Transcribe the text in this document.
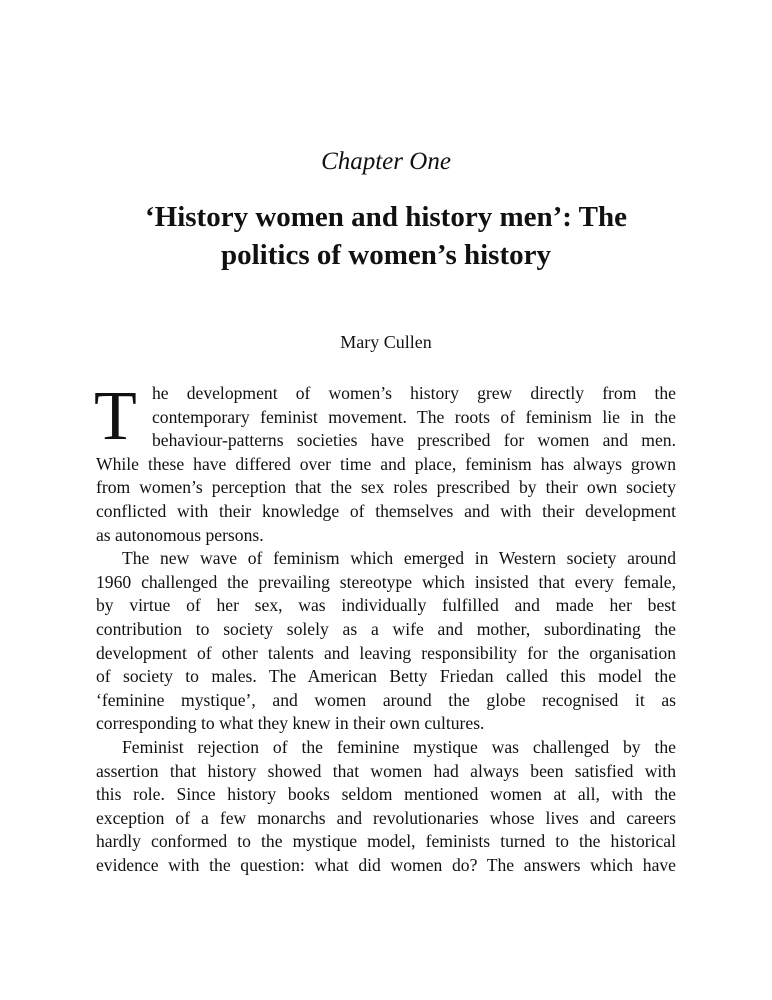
Chapter One
‘History women and history men’: The
politics of women’s history
Mary Cullen
T he development of women’s history grew directly from the
contemporary feminist movement. The roots of feminism lie in the
behaviour-patterns societies have prescribed for women and men.
While these have differed over time and place, feminism has always grown
from women’s perception that the sex roles prescribed by their own society
conflicted with their knowledge of themselves and with their development
as autonomous persons.
The new wave of feminism which emerged in Western society around
1960 challenged the prevailing stereotype which insisted that every female,
by virtue of her sex, was individually fulfilled and made her best
contribution to society solely as a wife and mother, subordinating the
development of other talents and leaving responsibility for the organisation
of society to males. The American Betty Friedan called this model the
‘feminine mystique’, and women around the globe recognised it as
corresponding to what they knew in their own cultures.
Feminist rejection of the feminine mystique was challenged by the
assertion that history showed that women had always been satisfied with
this role. Since history books seldom mentioned women at all, with the
exception of a few monarchs and revolutionaries whose lives and careers
hardly conformed to the mystique model, feminists turned to the historical
evidence with the question: what did women do? The answers which have
